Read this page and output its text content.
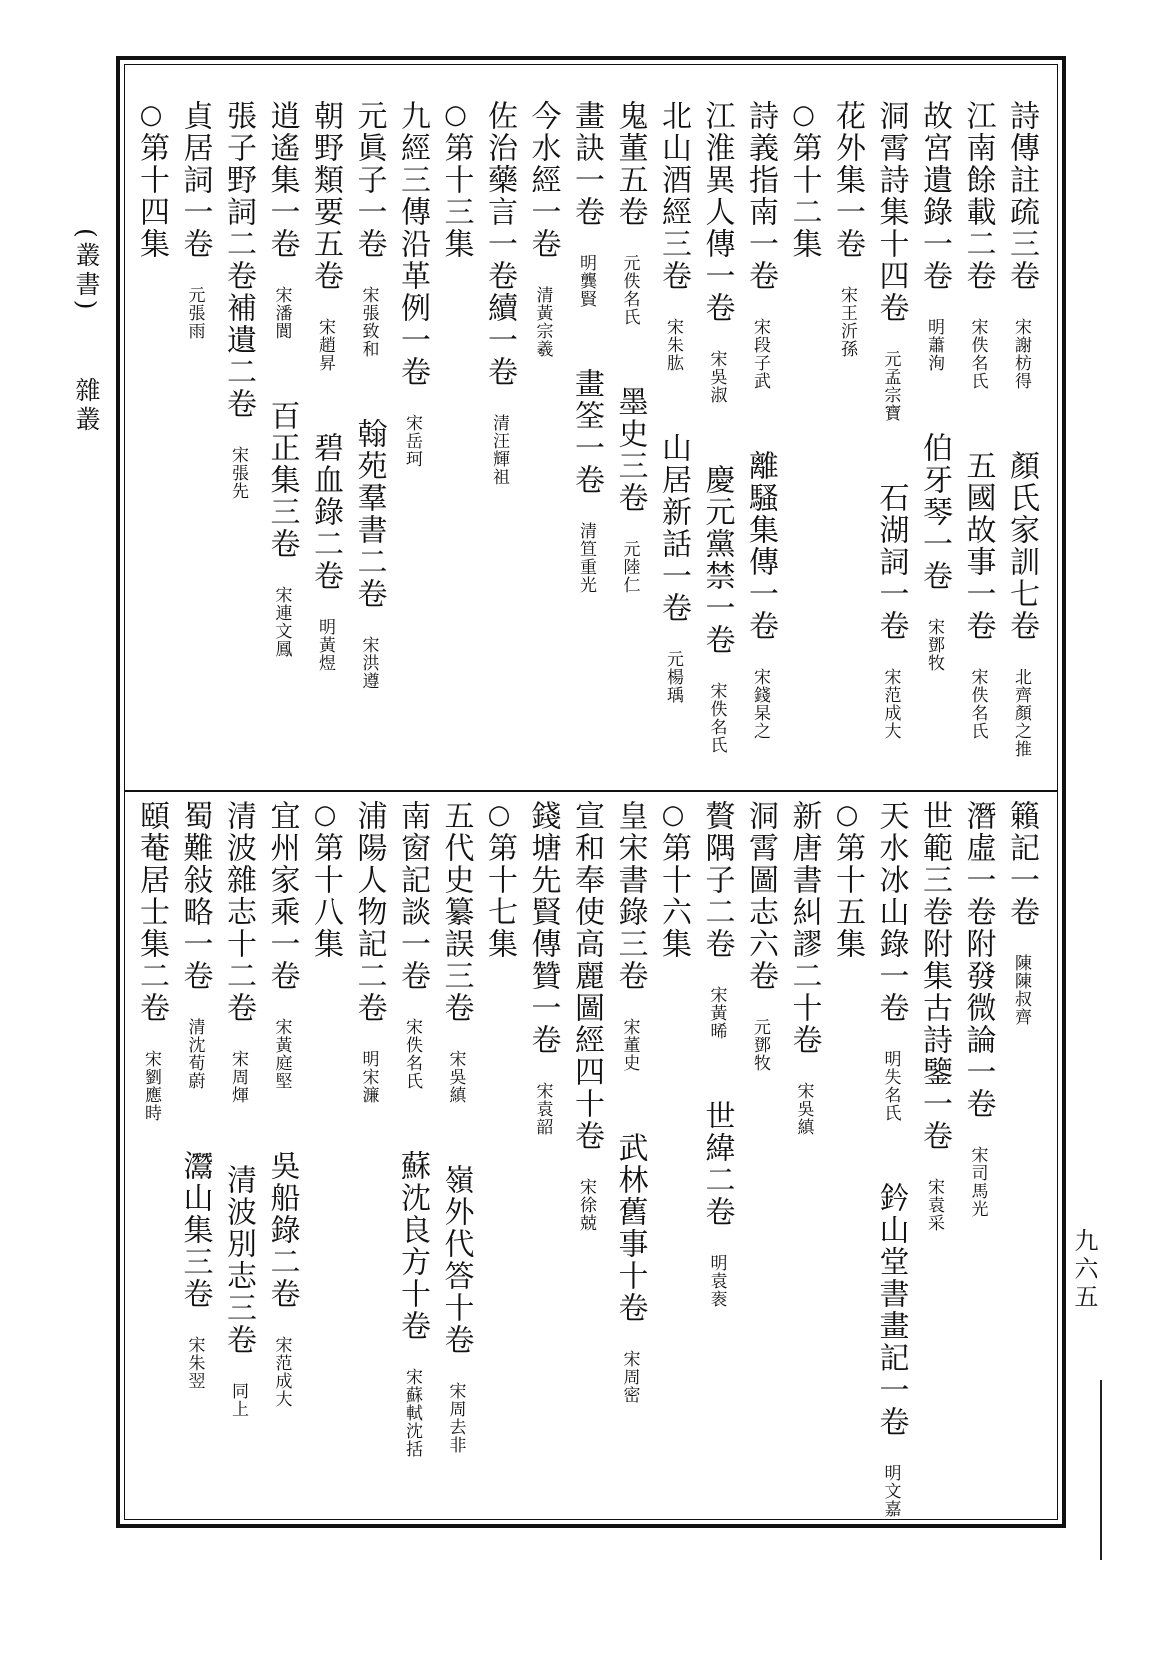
(叢書)  雜叢
九六五
詩傳註疏三卷宋謝枋得顏氏家訓七卷北齊顏之推
江南餘載二卷宋佚名氏五國故事一卷宋佚名氏
故宮遺錄一卷明蕭洵伯牙琴一卷宋鄧牧
洞霄詩集十四卷元孟宗寶石湖詞一卷宋范成大
花外集一卷宋王沂孫
○第十二集
詩義指南一卷宋段子武離騷集傳一卷宋錢杲之
江淮異人傳一卷宋吳淑慶元黨禁一卷宋佚名氏
北山酒經三卷宋朱肱山居新話一卷元楊瑀
鬼董五卷元佚名氏墨史三卷元陸仁
畫訣一卷明龔賢畫筌一卷清笪重光
今水經一卷清黃宗羲
佐治藥言一卷續一卷清汪輝祖
○第十三集
九經三傳沿革例一卷宋岳珂
元眞子一卷宋張致和翰苑羣書二卷宋洪遵
朝野類要五卷宋趙昇碧血錄二卷明黃煜
逍遙集一卷宋潘閬百正集三卷宋連文鳳
張子野詞二卷補遺二卷宋張先
貞居詞一卷元張雨
○第十四集
籟記一卷陳陳叔齊
潛虛一卷附發微論一卷宋司馬光
世範三卷附集古詩鑒一卷宋袁采
天水冰山錄一卷明失名氏鈐山堂書畫記一卷明文嘉
○第十五集
新唐書糾謬二十卷宋吳縝
洞霄圖志六卷元鄧牧
贅隅子二卷宋黃晞世緯二卷明袁袠
○第十六集
皇宋書錄三卷宋董史武林舊事十卷宋周密
宣和奉使高麗圖經四十卷宋徐兢
錢塘先賢傳贊一卷宋袁韶
○第十七集
五代史纂誤三卷宋吳縝嶺外代答十卷宋周去非
南窗記談一卷宋佚名氏蘇沈良方十卷宋蘇軾沈括
浦陽人物記二卷明宋濂
○第十八集
宜州家乘一卷宋黃庭堅吳船錄二卷宋范成大
清波雜志十二卷宋周煇清波別志三卷同上
蜀難敍略一卷清沈荀蔚灊山集三卷宋朱翌
頤菴居士集二卷宋劉應時
